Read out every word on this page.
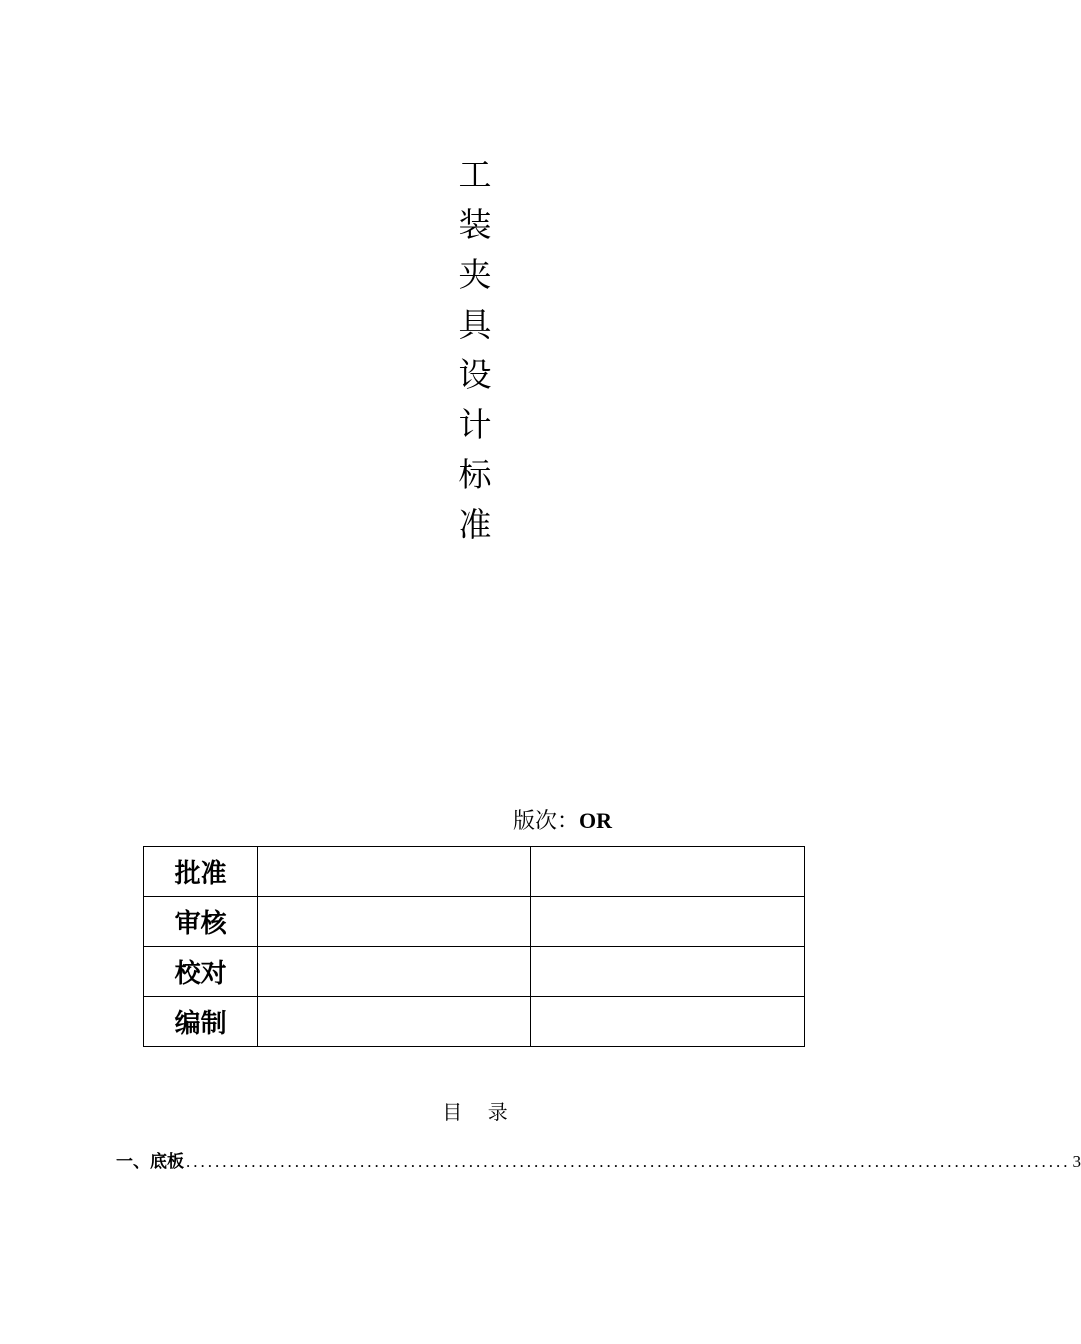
工
装
夹
具
设
计
标
准
版次：OR
批准		
审核		
校对		
编制		
目    录
一、底板 .......................................................................................................................... 3
